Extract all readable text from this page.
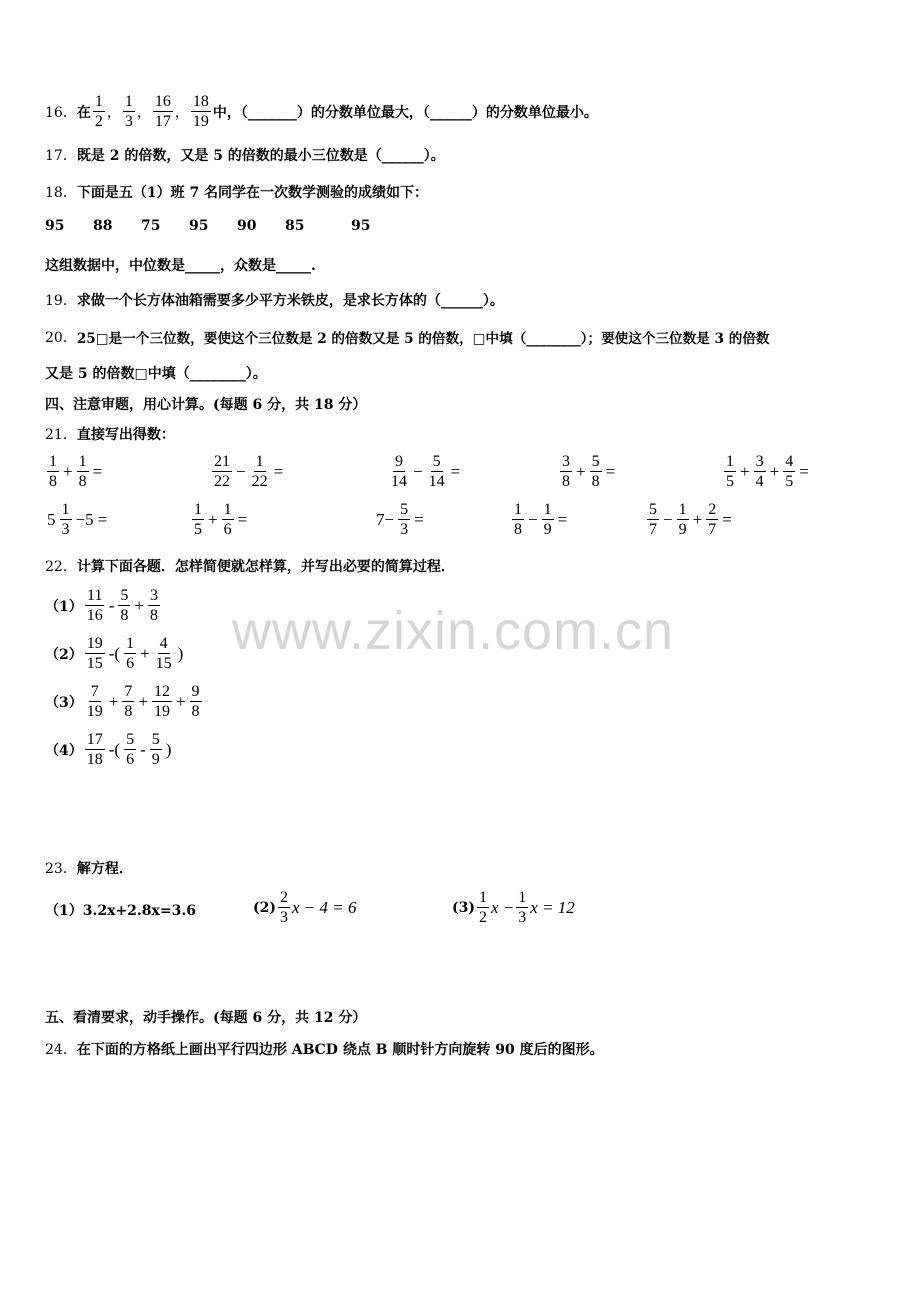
www.zixin.com.cn
16． 在 $\frac{1}{2}$ ， $\frac{1}{3}$ ， $\frac{16}{17}$ ， $\frac{18}{19}$ 中，（_______）的分数单位最大，（______）的分数单位最小。
17． 既是 2 的倍数，又是 5 的倍数的最小三位数是（______）。
18． 下面是五（1）班 7 名同学在一次数学测验的成绩如下：
95	88	75	95	90	85	95
这组数据中，中位数是_____，众数是_____.
19． 求做一个长方体油箱需要多少平方米铁皮，是求长方体的（______）。
20． 25□是一个三位数，要使这个三位数是 2 的倍数又是 5 的倍数，□中填（________）；要使这个三位数是 3 的倍数
又是 5 的倍数□中填（________）。
四、注意审题，用心计算。(每题 6 分，共 18 分）
21． 直接写出得数：
$\frac{1}{8} + \frac{1}{8}$ =	$\frac{21}{22} - \frac{1}{22}$ =	$\frac{9}{14} - \frac{5}{14}$ =	$\frac{3}{8} + \frac{5}{8}$ =	$\frac{1}{5} + \frac{3}{4} + \frac{4}{5}$ =
$5 \frac{1}{3} -5$ =	$\frac{1}{5} + \frac{1}{6}$ =	$7- \frac{5}{3}$ =	$\frac{1}{8} - \frac{1}{9}$ =	$\frac{5}{7} - \frac{1}{9} + \frac{2}{7}$ =
22． 计算下面各题．怎样简便就怎样算，并写出必要的简算过程．
$(1) \frac{11}{16} - \frac{5}{8} + \frac{3}{8}$
$(2) \frac{19}{15}$ -( $\frac{1}{6} + \frac{4}{15}$ )
$(3) \frac{7}{19} + \frac{7}{8} + \frac{12}{19} + \frac{9}{8}$
$(4) \frac{17}{18}$ -( $\frac{5}{6} - \frac{5}{9}$ )
23． 解方程．
（1）3.2x+2.8x=3.6	$(2) \frac{2}{3}$ x − 4 = 6	$(3) \frac{1}{2}$ $x - \frac{1}{3}$ x = 12
五、看清要求，动手操作。(每题 6 分，共 12 分）
24． 在下面的方格纸上画出平行四边形 ABCD 绕点 B 顺时针方向旋转 90 度后的图形。
